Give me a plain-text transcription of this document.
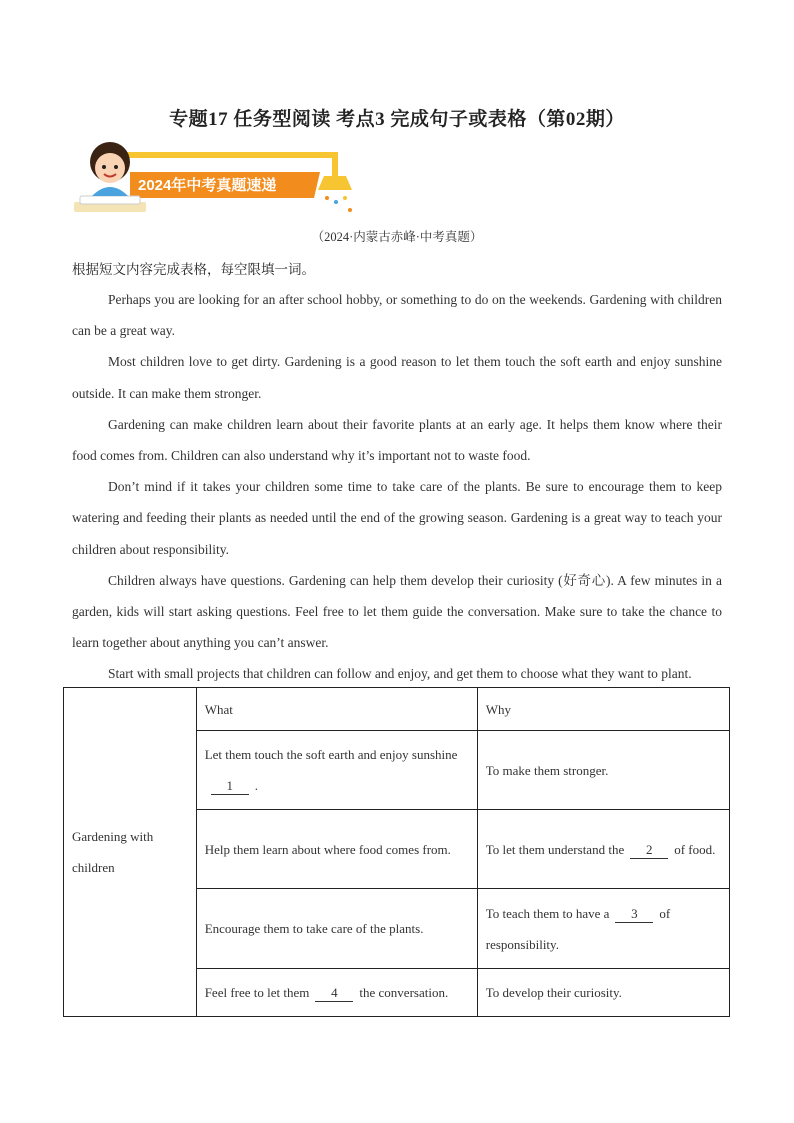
专题17 任务型阅读 考点3 完成句子或表格（第02期）
2024年中考真题速递
（2024·内蒙古赤峰·中考真题）
根据短文内容完成表格，每空限填一词。

Perhaps you are looking for an after school hobby, or something to do on the weekends. Gardening with children can be a great way.

Most children love to get dirty. Gardening is a good reason to let them touch the soft earth and enjoy sunshine outside. It can make them stronger.

Gardening can make children learn about their favorite plants at an early age. It helps them know where their food comes from. Children can also understand why it’s important not to waste food.

Don’t mind if it takes your children some time to take care of the plants. Be sure to encourage them to keep watering and feeding their plants as needed until the end of the growing season. Gardening is a great way to teach your children about responsibility.

Children always have questions. Gardening can help them develop their curiosity (好奇心). A few minutes in a garden, kids will start asking questions. Feel free to let them guide the conversation. Make sure to take the chance to learn together about anything you can’t answer.

Start with small projects that children can follow and enjoy, and get them to choose what they want to plant.

Gardening with children	What	Why
	Let them touch the soft earth and enjoy sunshine1 .	To make them stronger.
	Help them learn about where food comes from.	To let them understand the 2 of food.
	Encourage them to take care of the plants.	To teach them to have a 3 of responsibility.
	Feel free to let them 4 the conversation.	To develop their curiosity.
